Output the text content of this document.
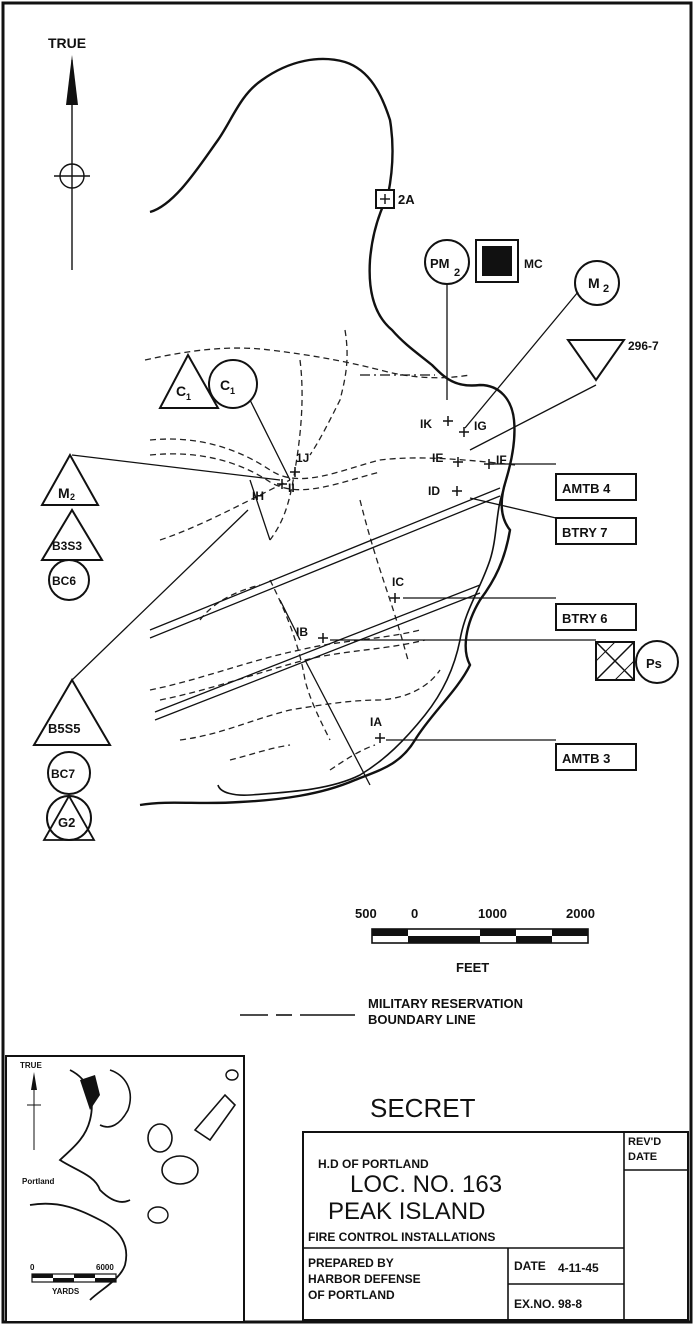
TRUE
2A
PM
2
MC
M 2
296-7
C 1
C 1
M 2
B3S3
BC6
B5S5
BC7
G2
IK	IG
IE	IF
ID
1J
II
IH
IC
IB
IA
AMTB 4
BTRY 7
BTRY 6
AMTB 3
Ps
500	0	1000	2000
FEET
MILITARY RESERVATION
BOUNDARY LINE
TRUE
Portland
0	6000
YARDS
SECRET
H.D OF PORTLAND
LOC. NO. 163
PEAK ISLAND
FIRE CONTROL INSTALLATIONS
REV'D
DATE
PREPARED BY
HARBOR DEFENSE
OF PORTLAND
DATE 4-11-45
EX.NO. 98-8
